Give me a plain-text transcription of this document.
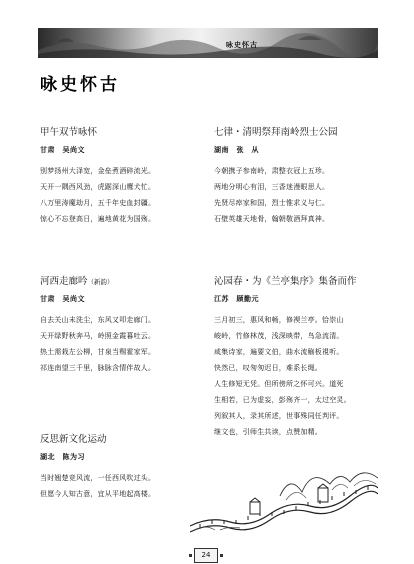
咏史怀古
咏史怀古
甲午双节咏怀
甘肃　吴尚文
别梦扬州大泽宽，金垒煮酒碎流光。
天开一隅西风劲，虎踞深山鹰犬忙。
八万里涛魔劫月，五千年史血封疆。
惊心不忘登高日，遍地黄花为国殇。
七律・清明祭拜南岭烈士公园
湖南　张　从
今朝携子参南岭，肃整衣冠上五珍。
两地分明心有泪，三香迷漫眼思人。
先贤尽瘁家和国，烈士惟求义与仁。
石壁英雄天地骨，翰朝敬酒拜真神。
河西走廊吟（新韵）
甘肃　吴尚文
自去关山未洗尘，东风又叩走廊门。
天开绿野秋奔马，岭照金霞暮吐云。
热土需栽左公柳，甘泉当赐霍家军。
祁连南望三千里，脉脉含情伴故人。
沁园春・为《兰亭集序》集备而作
江苏　顾勤元
三月初三，惠风和畅，修禊兰亭。恰崇山
峻岭，竹修林茂，浅深映带，鸟急流清。
咸集诗家，遍要文伯，曲水流觞板視听。
快然已，叹匆匆迟日，难系长绳。
人生修短无凭。但所傍所之怀可兴。道死
生相若，已为虚妄，彭殇齐一，太过空灵。
列叙其人，录其所述，世事殊同任判评。
继文也，引师生共读，点赞加精。
反思新文化运动
湖北　陈为习
当时翘楚竞风流，一任西风吹过头。
但愿今人知古意，宜从平地起高楼。
24
